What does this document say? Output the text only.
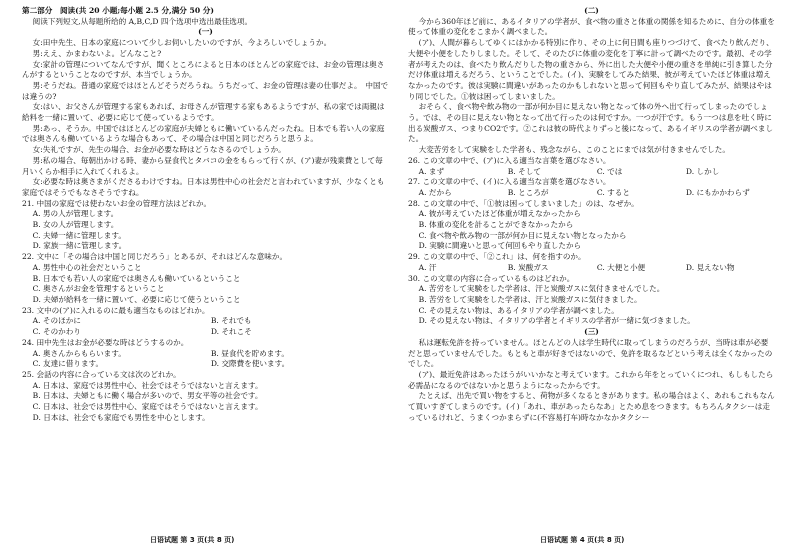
第二部分　阅读(共 20 小题;每小题 2.5 分,满分 50 分)

阅读下列短文,从每题所给的 A,B,C,D 四个选项中选出最佳选项。

(一)

女:田中先生、日本の家庭について少しお伺いしたいのですが、今よろしいでしょうか。

男:ええ、かまわないよ。どんなこと?

女:家計の管理についてなんですが、聞くところによると日本のほとんどの家庭では、お金の管理は奥さんがするということなのですが、本当でしょうか。

男:そうだね。普通の家庭ではほとんどそうだろうね。うちだって、お金の管理は妻の仕事だよ。　中国では違うの?

女:はい、お父さんが管理する家もあれば、お母さんが管理する家もあるようですが、私の家では両親は給料を一緒に置いて、必要に応じて使っているようです。

男:あっ、そうか。中国ではほとんどの家庭が夫婦ともに働いているんだったね。日本でも若い人の家庭では奥さんも働いているような場合もあって、その場合は中国と同じだろうと思うよ。

女:失礼ですが、先生の場合、お金が必要な時はどうなさるのでしょうか。

男:私の場合、毎朝出かける時、妻から昼食代とタバコの金をもらって行くが、(ア)妻が残業費として毎月いくらか相手に入れてくれるよ。

女:必要な時は奥さまがくださるわけですね。日本は男性中心の社会だと言われていますが、少なくとも家庭ではそうでもなさそうですね。

21. 中国の家庭では使わないお金の管理方法はどれか。

A. 男の人が管理します。

B. 女の人が管理します。

C. 夫婦一緒に管理します。

D. 家族一緒に管理します。

22. 文中に「その場合は中国と同じだろう」とあるが、それはどんな意味か。

A. 男性中心の社会だということ

B. 日本でも若い人の家庭では奥さんも働いているということ

C. 奥さんがお金を管理するということ

D. 夫婦が給料を一緒に置いて、必要に応じて使うということ

23. 文中の(ア)に入れるのに最も適当なものはどれか。

A. そのほかに	B. それでも

C. そのかわり	D. それこそ

24. 田中先生はお金が必要な時はどうするのか。

A. 奥さんからもらいます。	B. 昼食代を貯めます。

C. 友達に借ります。	D. 交際費を使います。

25. 会話の内容に合っている文は次のどれか。

A. 日本は、家庭では男性中心、社会ではそうではないと言えます。

B. 日本は、夫婦ともに働く場合が多いので、男女平等の社会です。

C. 日本は、社会では男性中心、家庭ではそうではないと言えます。

D. 日本は、社会でも家庭でも男性を中心とします。

(二)

今から360年ほど前に、あるイタリアの学者が、食べ物の重さと体重の関係を知るために、自分の体重を使って体重の変化をこまかく調べました。

(ア)、人間が暮らしてゆくにはかかる特別に作り、その上に何日間も座りつづけて、食べたり飲んだり、大便や小便をしたりしました。そして、そのたびに体重の変化を丁寧に計って調べたのです。最初、その学者が考えたのは、食べたり飲んだりした物の重さから、外に出した大便や小便の重さを単純に引き算した分だけ体重は増えるだろう、ということでした。(イ)、実験をしてみた結果、彼が考えていたほど体重は増えなかったのです。彼は実験に間違いがあったのかもしれないと思って何回もやり直してみたが、結果はやはり同じでした。①彼は困ってしまいました。

おそらく、食べ物や飲み物の一部が何か目に見えない物となって体の外へ出て行ってしまったのでしょう。では、その目に見えない物となって出て行ったのは何ですか。一つが汗です。もう一つは息を吐く時に出る炭酸ガス、つまりCO2です。②これは彼の時代よりずっと後になって、あるイギリスの学者が調べました。

大変苦労をして実験をした学者も、残念ながら、このことにまでは気が付きませんでした。

26. この文章の中で、(ア)に入る適当な言葉を選びなさい。

A. まず	B. そして	C. では	D. しかし

27. この文章の中で、(イ)に入る適当な言葉を選びなさい。

A. だから	B. ところが	C. すると	D. にもかかわらず

28. この文章の中で、「①彼は困ってしまいました」のは、なぜか。

A. 彼が考えていたほど体重が増えなかったから

B. 体重の変化を計ることができなかったから

C. 食べ物や飲み物の一部が何か目に見えない物となったから

D. 実験に間違いと思って何回もやり直したから

29. この文章の中で、「②これ」は、何を指すのか。

A. 汗	B. 炭酸ガス	C. 大便と小便	D. 見えない物

30. この文章の内容に合っているものはどれか。

A. 苦労をして実験をした学者は、汗と炭酸ガスに気付きませんでした。

B. 苦労をして実験をした学者は、汗と炭酸ガスに気付きました。

C. その見えない物は、あるイタリアの学者が調べました。

D. その見えない物は、イタリアの学者とイギリスの学者が一緒に気づきました。

(三)

私は運転免許を持っていません。ほとんどの人は学生時代に取ってしまうのだろうが、当時は車が必要だと思っていませんでした。もともと車が好きではないので、免許を取るなどという考えは全くなかったのでした。

(ア)、最近免許はあったほうがいいかなと考えています。これから年をとっていくにつれ、もしもしたら必需品になるのではないかと思うようになったからです。

たとえば、出先で買い物をすると、荷物が多くなるときがあります。私の場合はよく、あれもこれもなんて買いすぎてしまうのです。(イ)「あれ、車があったらなあ」とため息をつきます。もちろんタクシーは走っているけれど、うまくつかまらずに(不容易打车)時なかなかタクシー

日语试题 第 3 页(共 8 页)	日语试题 第 4 页(共 8 页)
